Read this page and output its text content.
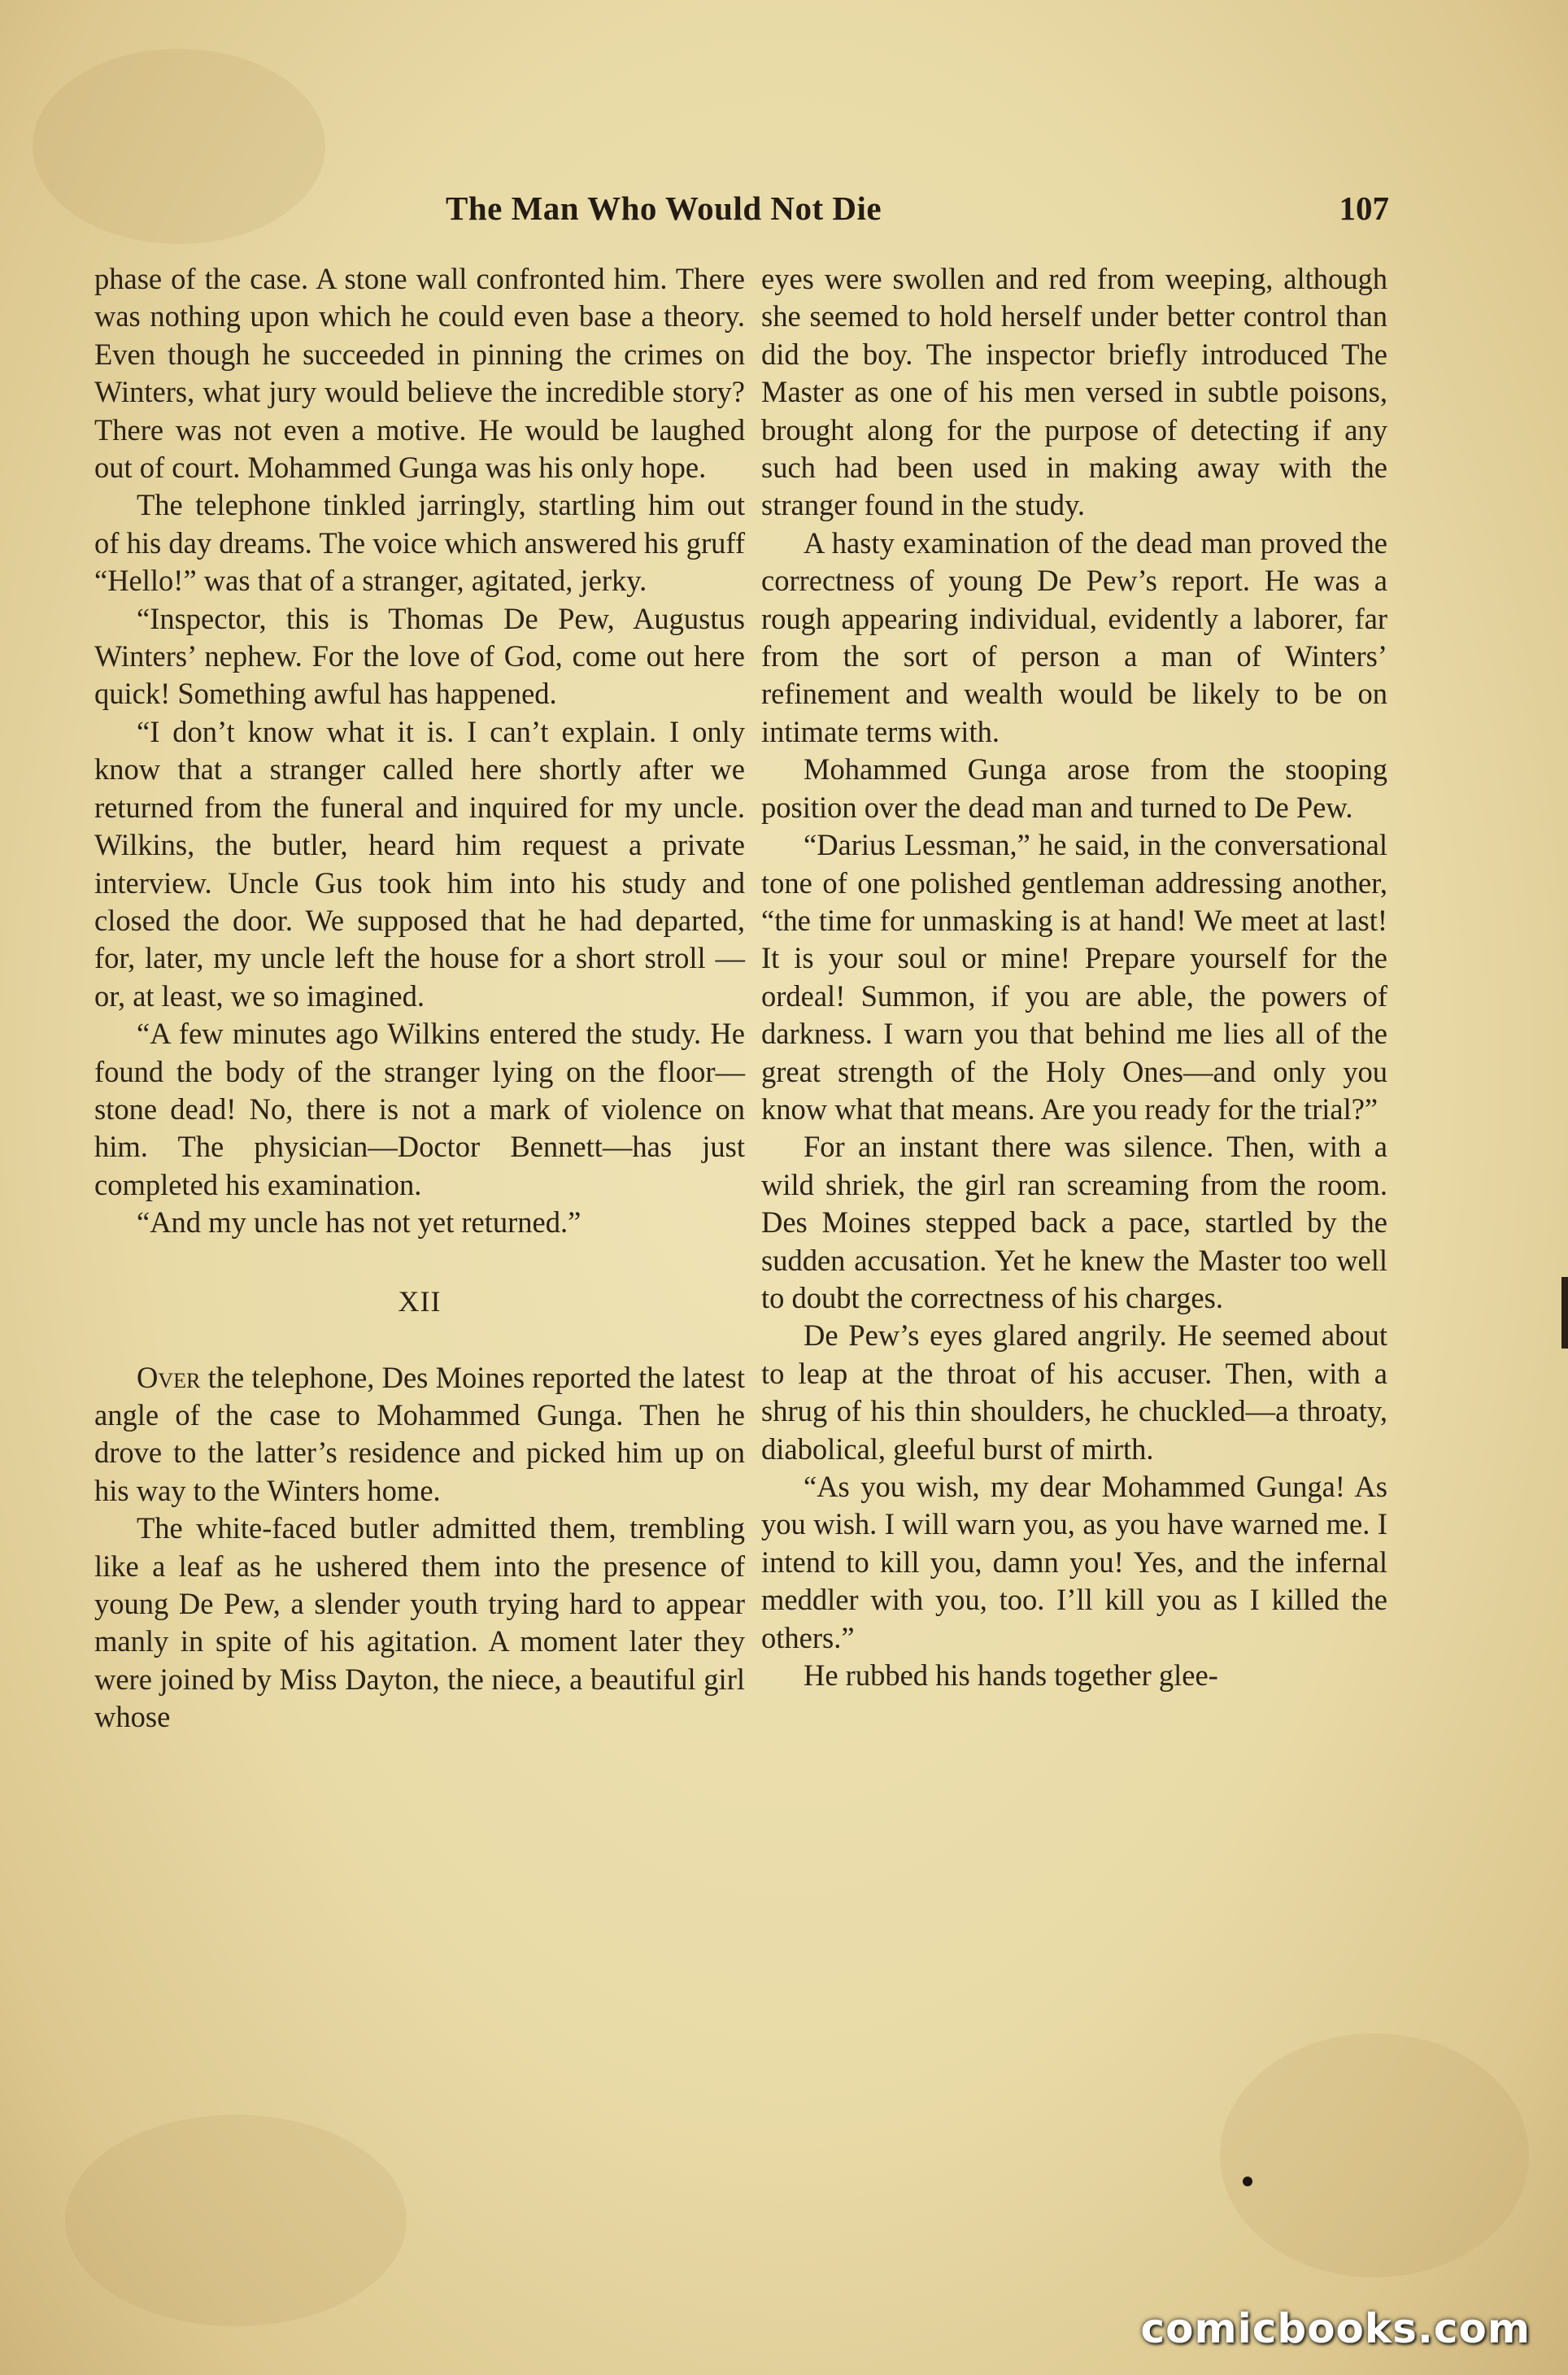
The Man Who Would Not Die	107

phase of the case. A stone wall confronted him. There was nothing upon which he could even base a theory. Even though he succeeded in pinning the crimes on Winters, what jury would believe the incredible story? There was not even a motive. He would be laughed out of court. Mohammed Gunga was his only hope.

The telephone tinkled jarringly, startling him out of his day dreams. The voice which answered his gruff “Hello!” was that of a stranger, agitated, jerky.

“Inspector, this is Thomas De Pew, Augustus Winters’ nephew. For the love of God, come out here quick! Something awful has happened.

“I don’t know what it is. I can’t explain. I only know that a stranger called here shortly after we returned from the funeral and inquired for my uncle. Wilkins, the butler, heard him request a private interview. Uncle Gus took him into his study and closed the door. We supposed that he had departed, for, later, my uncle left the house for a short stroll —or, at least, we so imagined.

“A few minutes ago Wilkins entered the study. He found the body of the stranger lying on the floor—stone dead! No, there is not a mark of violence on him. The physician—Doctor Bennett—has just completed his examination.

“And my uncle has not yet returned.”

XII

Over the telephone, Des Moines reported the latest angle of the case to Mohammed Gunga. Then he drove to the latter’s residence and picked him up on his way to the Winters home.

The white-faced butler admitted them, trembling like a leaf as he ushered them into the presence of young De Pew, a slender youth trying hard to appear manly in spite of his agitation. A moment later they were joined by Miss Dayton, the niece, a beautiful girl whose

eyes were swollen and red from weeping, although she seemed to hold herself under better control than did the boy. The inspector briefly introduced The Master as one of his men versed in subtle poisons, brought along for the purpose of detecting if any such had been used in making away with the stranger found in the study.

A hasty examination of the dead man proved the correctness of young De Pew’s report. He was a rough appearing individual, evidently a laborer, far from the sort of person a man of Winters’ refinement and wealth would be likely to be on intimate terms with.

Mohammed Gunga arose from the stooping position over the dead man and turned to De Pew.

“Darius Lessman,” he said, in the conversational tone of one polished gentleman addressing another, “the time for unmasking is at hand! We meet at last! It is your soul or mine! Prepare yourself for the ordeal! Summon, if you are able, the powers of darkness. I warn you that behind me lies all of the great strength of the Holy Ones—and only you know what that means. Are you ready for the trial?”

For an instant there was silence. Then, with a wild shriek, the girl ran screaming from the room. Des Moines stepped back a pace, startled by the sudden accusation. Yet he knew the Master too well to doubt the correctness of his charges.

De Pew’s eyes glared angrily. He seemed about to leap at the throat of his accuser. Then, with a shrug of his thin shoulders, he chuckled—a throaty, diabolical, gleeful burst of mirth.

“As you wish, my dear Mohammed Gunga! As you wish. I will warn you, as you have warned me. I intend to kill you, damn you! Yes, and the infernal meddler with you, too. I’ll kill you as I killed the others.”

He rubbed his hands together glee-

comicbooks.com
